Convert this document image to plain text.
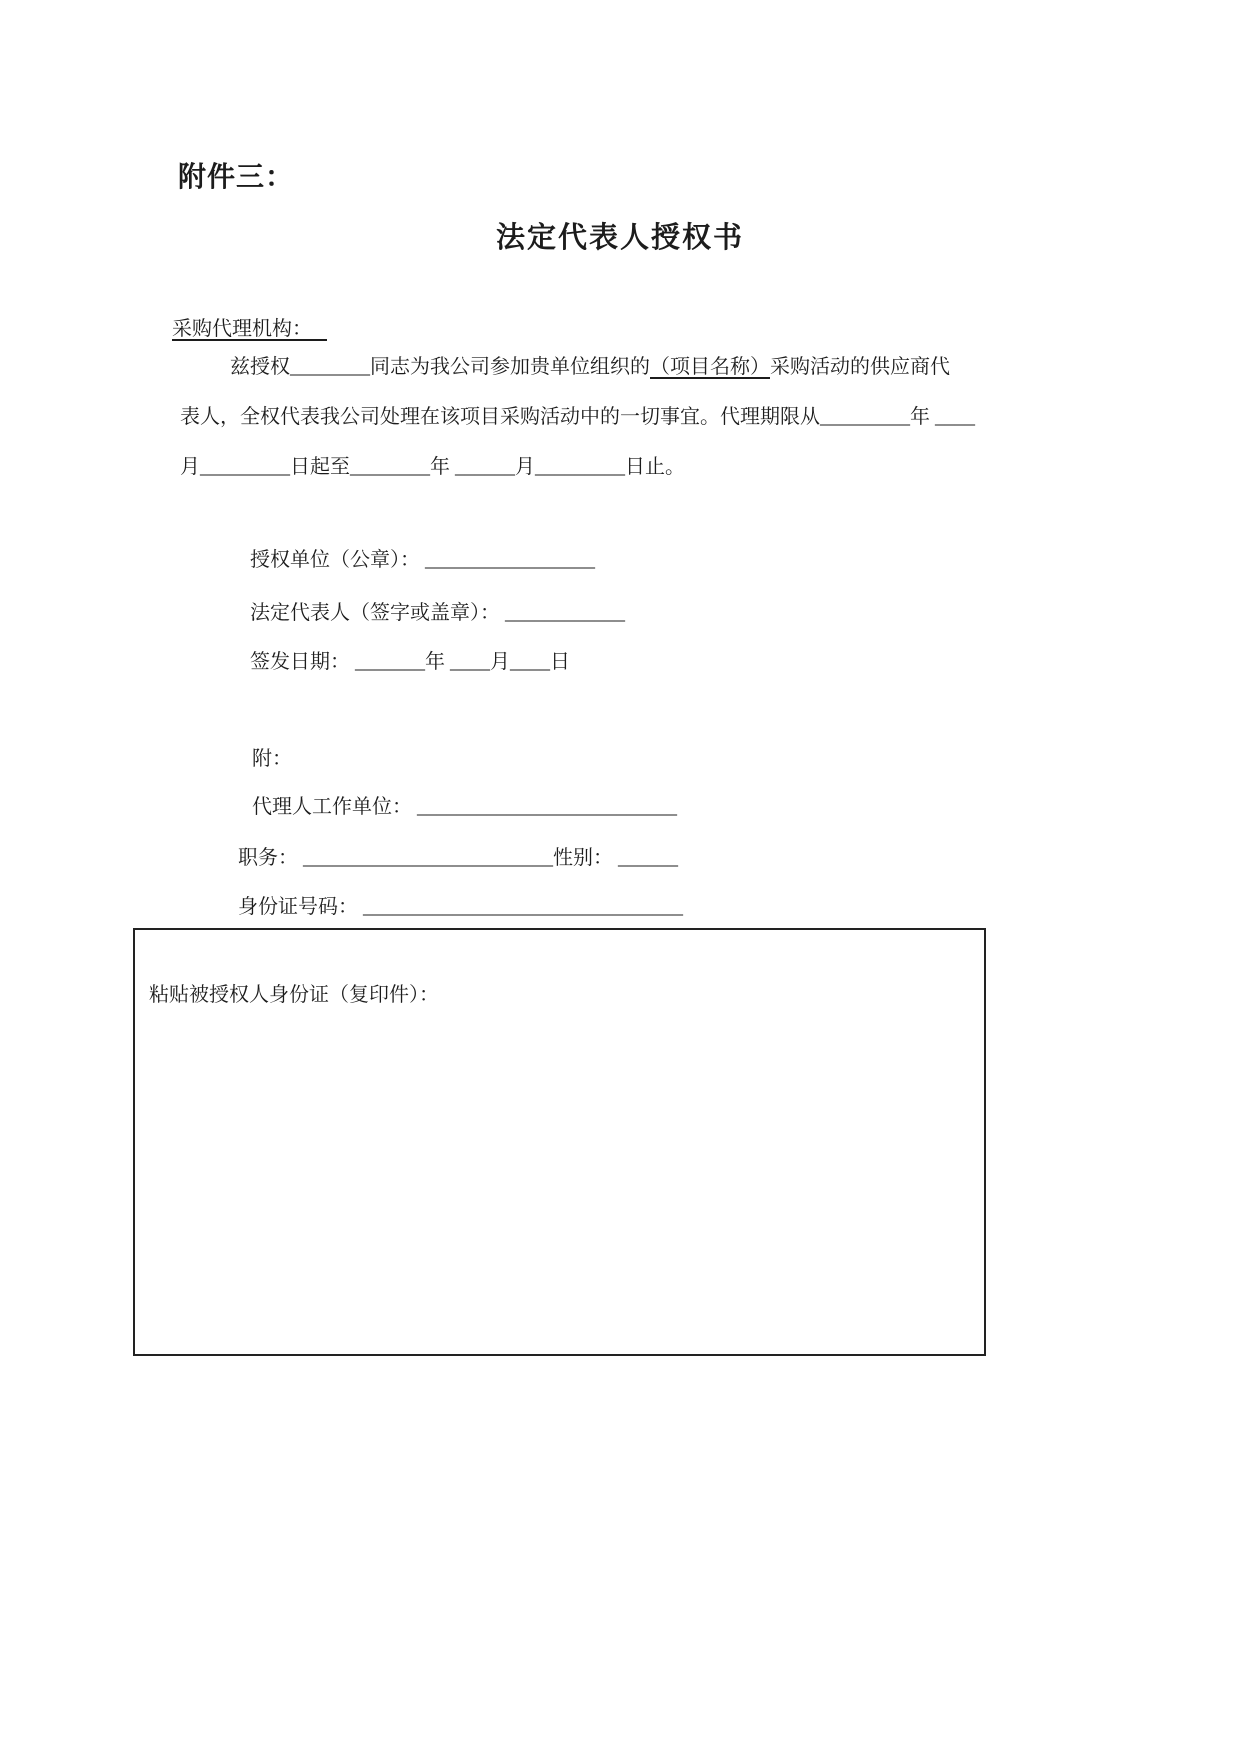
附件三：
法定代表人授权书
采购代理机构：
兹授权________同志为我公司参加贵单位组织的（项目名称）采购活动的供应商代
表人，全权代表我公司处理在该项目采购活动中的一切事宜。代理期限从_________年 ____
月_________日起至________年 ______月_________日止。
授权单位（公章）： _________________
法定代表人（签字或盖章）： ____________
签发日期： _______年 ____月____日
附：
代理人工作单位： __________________________
职务： _________________________性别： ______
身份证号码： ________________________________
粘贴被授权人身份证（复印件）：
